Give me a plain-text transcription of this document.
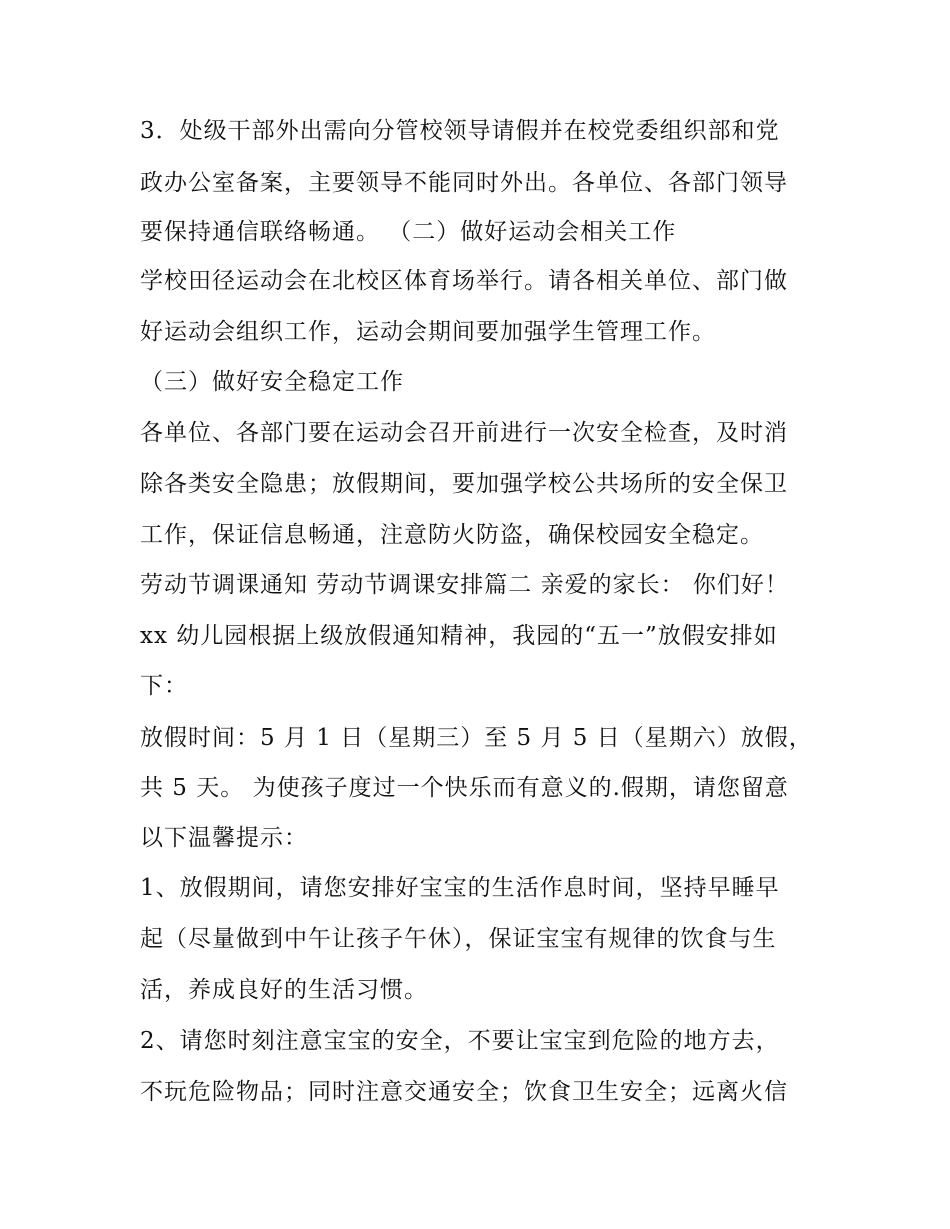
3．处级干部外出需向分管校领导请假并在校党委组织部和党
政办公室备案，主要领导不能同时外出。各单位、各部门领导
要保持通信联络畅通。 （二）做好运动会相关工作
学校田径运动会在北校区体育场举行。请各相关单位、部门做
好运动会组织工作，运动会期间要加强学生管理工作。
（三）做好安全稳定工作
各单位、各部门要在运动会召开前进行一次安全检查，及时消
除各类安全隐患；放假期间，要加强学校公共场所的安全保卫
工作，保证信息畅通，注意防火防盗，确保校园安全稳定。
劳动节调课通知 劳动节调课安排篇二 亲爱的家长： 你们好！
xx 幼儿园根据上级放假通知精神，我园的“五一”放假安排如
下：
放假时间：5 月 1 日（星期三）至 5 月 5 日（星期六）放假，
共 5 天。 为使孩子度过一个快乐而有意义的.假期，请您留意
以下温馨提示：
1、放假期间，请您安排好宝宝的生活作息时间，坚持早睡早
起（尽量做到中午让孩子午休），保证宝宝有规律的饮食与生
活，养成良好的生活习惯。
2、请您时刻注意宝宝的安全，不要让宝宝到危险的地方去，
不玩危险物品；同时注意交通安全；饮食卫生安全；远离火信
